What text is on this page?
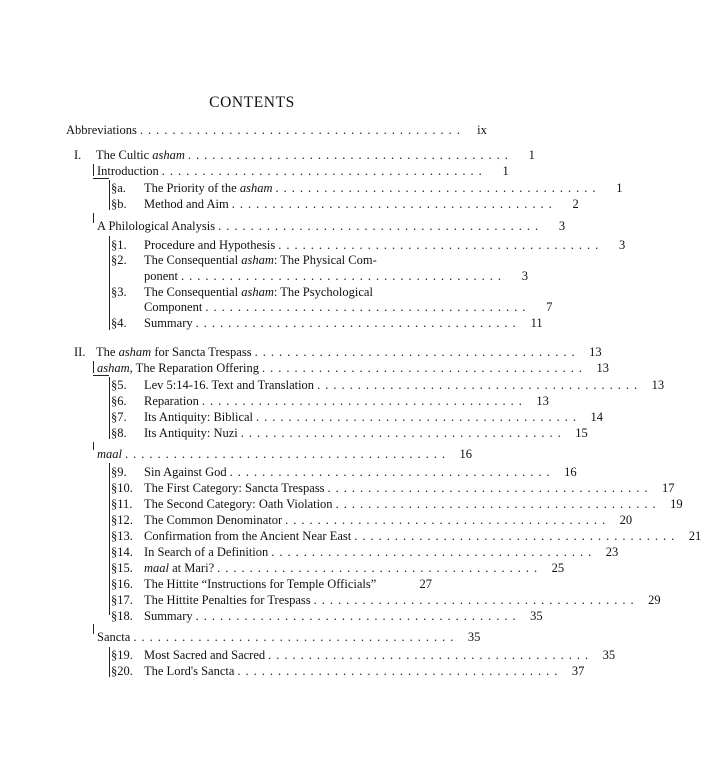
CONTENTS
Abbreviations ........................................ ix
I.	The Cultic asham ........................................	1
Introduction ........................................	1
§a.	The Priority of the asham ........................................	1
§b.	Method and Aim ........................................	2
A Philological Analysis ........................................	3
§1.	Procedure and Hypothesis ........................................	3
§2.	The Consequential asham: The Physical Com-
ponent ........................................	3
§3.	The Consequential asham: The Psychological
Component ........................................	7
§4.	Summary ........................................ 11
II. The asham for Sancta Trespass ........................................ 13
asham, The Reparation Offering ........................................ 13
§5.	Lev 5:14-16. Text and Translation ........................................ 13
§6.	Reparation ........................................ 13
§7.	Its Antiquity: Biblical ........................................ 14
§8.	Its Antiquity: Nuzi ........................................ 15
maal ........................................ 16
§9.	Sin Against God ........................................ 16
§10. The First Category: Sancta Trespass ........................................ 17
§11. The Second Category: Oath Violation ........................................ 19
§12. The Common Denominator ........................................ 20
§13. Confirmation from the Ancient Near East ........................................ 21
§14. In Search of a Definition ........................................ 23
§15. maal at Mari? ........................................ 25
§16. The Hittite “Instructions for Temple Officials”	27
§17. The Hittite Penalties for Trespass ........................................ 29
§18. Summary ........................................ 35
Sancta ........................................ 35
§19. Most Sacred and Sacred ........................................ 35
§20. The Lord's Sancta ........................................ 37
